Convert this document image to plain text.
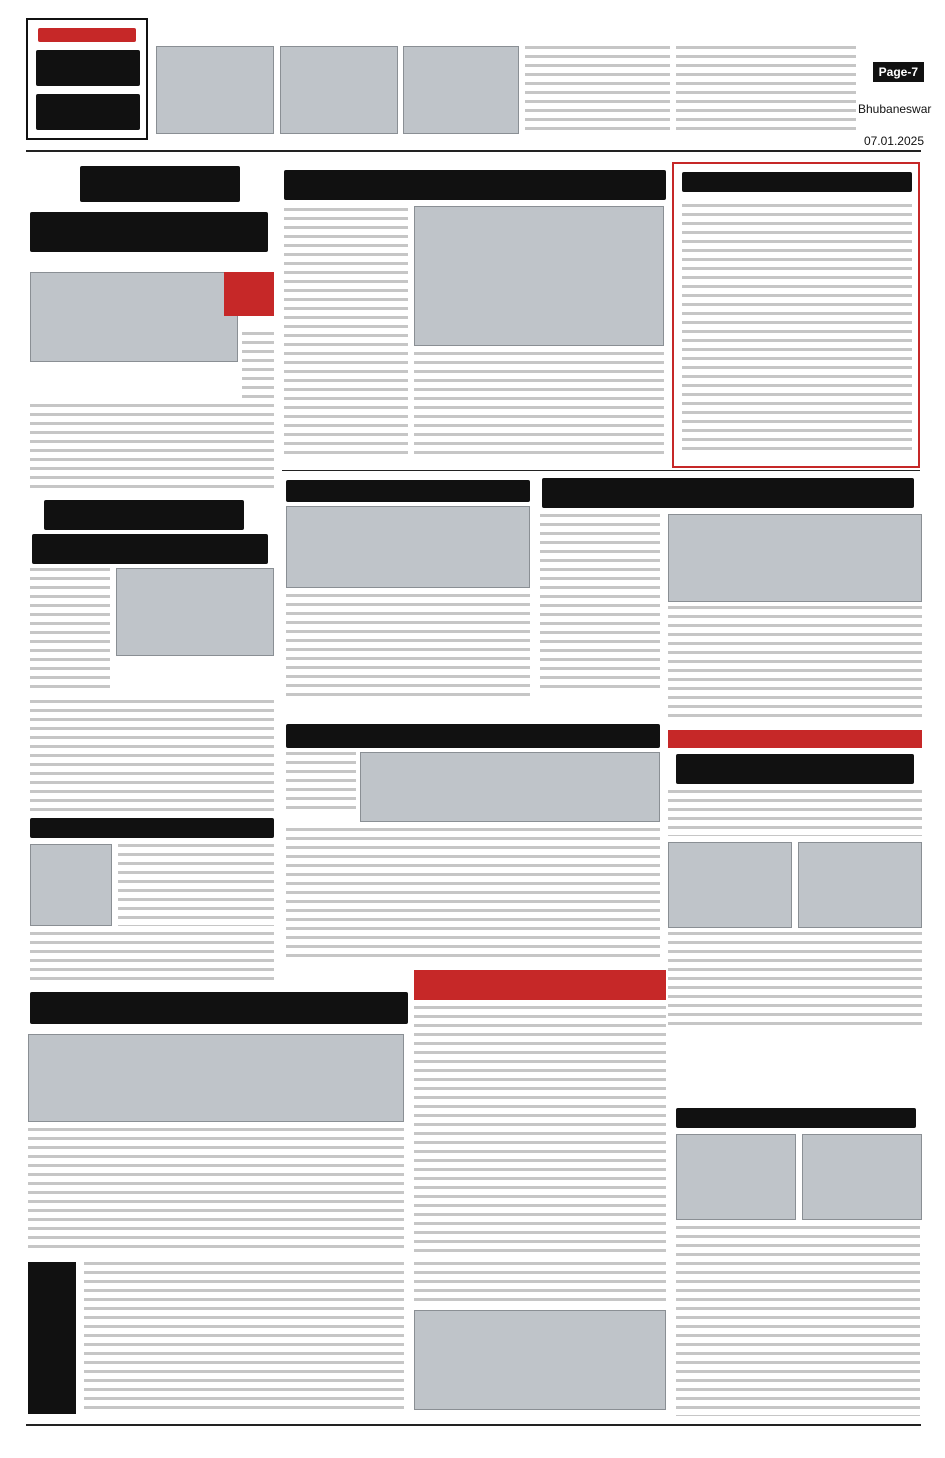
Page-7
Bhubaneswar
07.01.2025
